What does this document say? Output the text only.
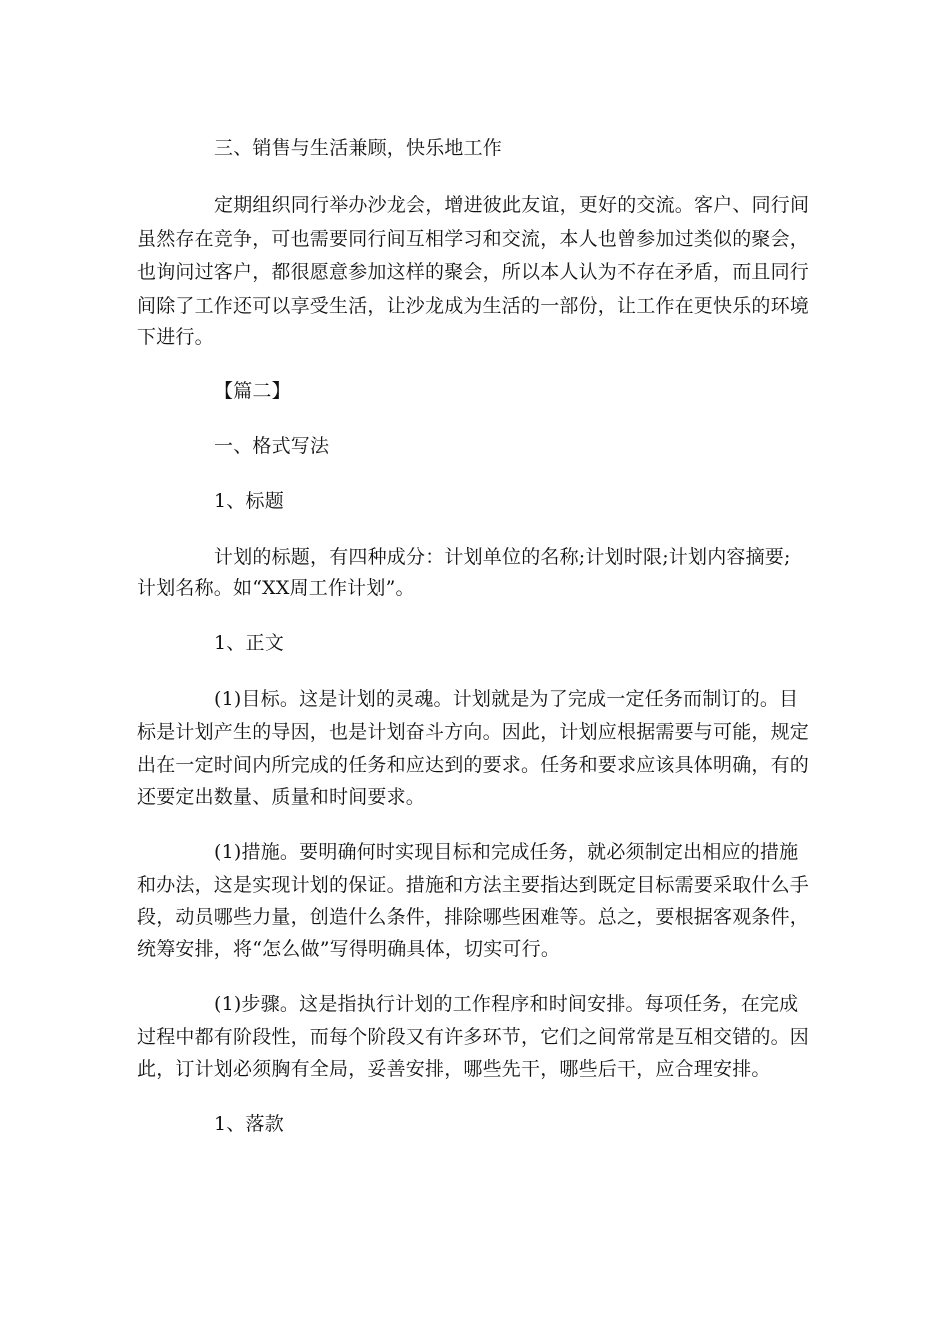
三、销售与生活兼顾，快乐地工作
定期组织同行举办沙龙会，增进彼此友谊，更好的交流。客户、同行间
虽然存在竞争，可也需要同行间互相学习和交流，本人也曾参加过类似的聚会，
也询问过客户，都很愿意参加这样的聚会，所以本人认为不存在矛盾，而且同行
间除了工作还可以享受生活，让沙龙成为生活的一部份，让工作在更快乐的环境
下进行。
【篇二】
一、格式写法
1、标题
计划的标题，有四种成分：计划单位的名称;计划时限;计划内容摘要;
计划名称。如“XX周工作计划”。
1、正文
(1)目标。这是计划的灵魂。计划就是为了完成一定任务而制订的。目
标是计划产生的导因，也是计划奋斗方向。因此，计划应根据需要与可能，规定
出在一定时间内所完成的任务和应达到的要求。任务和要求应该具体明确，有的
还要定出数量、质量和时间要求。
(1)措施。要明确何时实现目标和完成任务，就必须制定出相应的措施
和办法，这是实现计划的保证。措施和方法主要指达到既定目标需要采取什么手
段，动员哪些力量，创造什么条件，排除哪些困难等。总之，要根据客观条件，
统筹安排，将“怎么做”写得明确具体，切实可行。
(1)步骤。这是指执行计划的工作程序和时间安排。每项任务，在完成
过程中都有阶段性，而每个阶段又有许多环节，它们之间常常是互相交错的。因
此，订计划必须胸有全局，妥善安排，哪些先干，哪些后干，应合理安排。
1、落款
